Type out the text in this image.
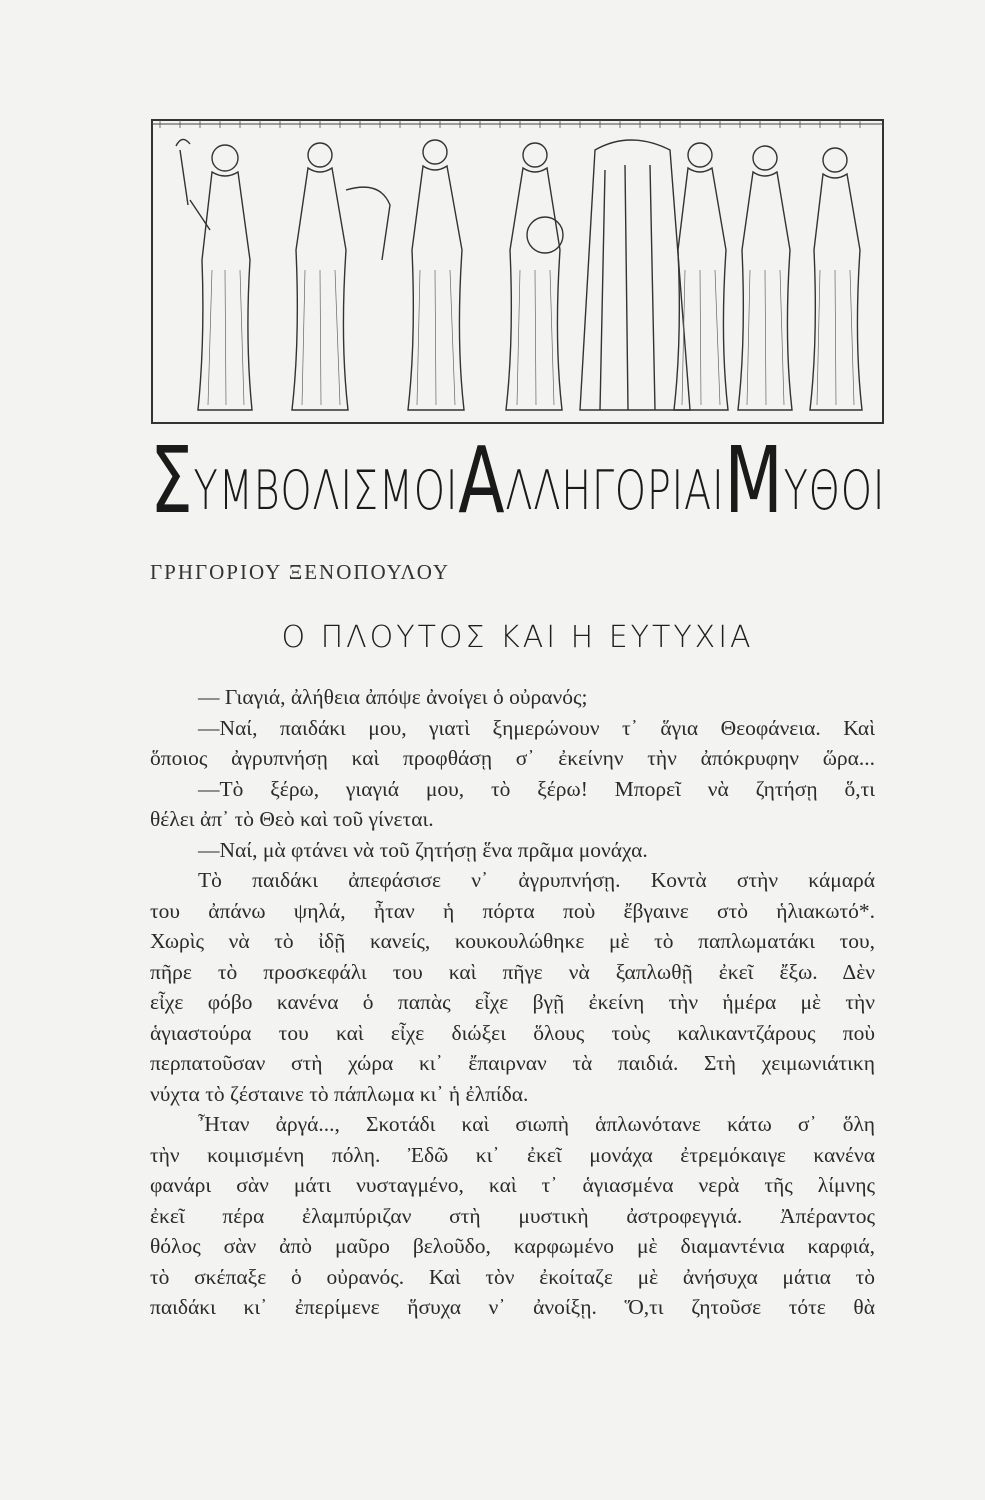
Σ ΥΜΒΟΛΙΣΜΟΙ Α ΛΛΗΓΟΡΙΑΙ Μ ΥΘΟΙ
ΓΡΗΓΟΡΙΟΥ ΞΕΝΟΠΟΥΛΟΥ
Ο ΠΛΟΥΤΟΣ ΚΑΙ Η ΕΥΤΥΧΙΑ
— Γιαγιά, ἀλήθεια ἀπόψε ἀνοίγει ὁ οὐρανός;
—Ναί, παιδάκι μου, γιατὶ ξημερώνουν τ᾽ ἅγια Θεοφάνεια. Καὶ
ὅποιος ἀγρυπνήσῃ καὶ προφθάσῃ σ᾽ ἐκείνην τὴν ἀπόκρυφην ὥρα...
—Τὸ ξέρω, γιαγιά μου, τὸ ξέρω! Μπορεῖ νὰ ζητήσῃ ὅ,τι
θέλει ἀπ᾽ τὸ Θεὸ καὶ τοῦ γίνεται.
—Ναί, μὰ φτάνει νὰ τοῦ ζητήσῃ ἕνα πρᾶμα μονάχα.
Τὸ παιδάκι ἀπεφάσισε ν᾽ ἀγρυπνήσῃ. Κοντὰ στὴν κάμαρά
του ἀπάνω ψηλά, ἦταν ἡ πόρτα ποὺ ἔβγαινε στὸ ἡλιακωτό*.
Χωρὶς νὰ τὸ ἰδῇ κανείς, κουκουλώθηκε μὲ τὸ παπλωματάκι του,
πῆρε τὸ προσκεφάλι του καὶ πῆγε νὰ ξαπλωθῇ ἐκεῖ ἔξω. Δὲν
εἶχε φόβο κανένα ὁ παπὰς εἶχε βγῇ ἐκείνη τὴν ἡμέρα μὲ τὴν
ἁγιαστούρα του καὶ εἶχε διώξει ὅλους τοὺς καλικαντζάρους ποὺ
περπατοῦσαν στὴ χώρα κι᾽ ἔπαιρναν τὰ παιδιά. Στὴ χειμωνιάτικη
νύχτα τὸ ζέσταινε τὸ πάπλωμα κι᾽ ἡ ἐλπίδα.
Ἦταν ἀργά..., Σκοτάδι καὶ σιωπὴ ἁπλωνότανε κάτω σ᾽ ὅλη
τὴν κοιμισμένη πόλη. Ἐδῶ κι᾽ ἐκεῖ μονάχα ἐτρεμόκαιγε κανένα
φανάρι σὰν μάτι νυσταγμένο, καὶ τ᾽ ἁγιασμένα νερὰ τῆς λίμνης
ἐκεῖ πέρα ἐλαμπύριζαν στὴ μυστικὴ ἀστροφεγγιά. Ἀπέραντος
θόλος σὰν ἀπὸ μαῦρο βελοῦδο, καρφωμένο μὲ διαμαντένια καρφιά,
τὸ σκέπαξε ὁ οὐρανός. Καὶ τὸν ἐκοίταζε μὲ ἀνήσυχα μάτια τὸ
παιδάκι κι᾽ ἐπερίμενε ἥσυχα ν᾽ ἀνοίξῃ. Ὅ,τι ζητοῦσε τότε θὰ
